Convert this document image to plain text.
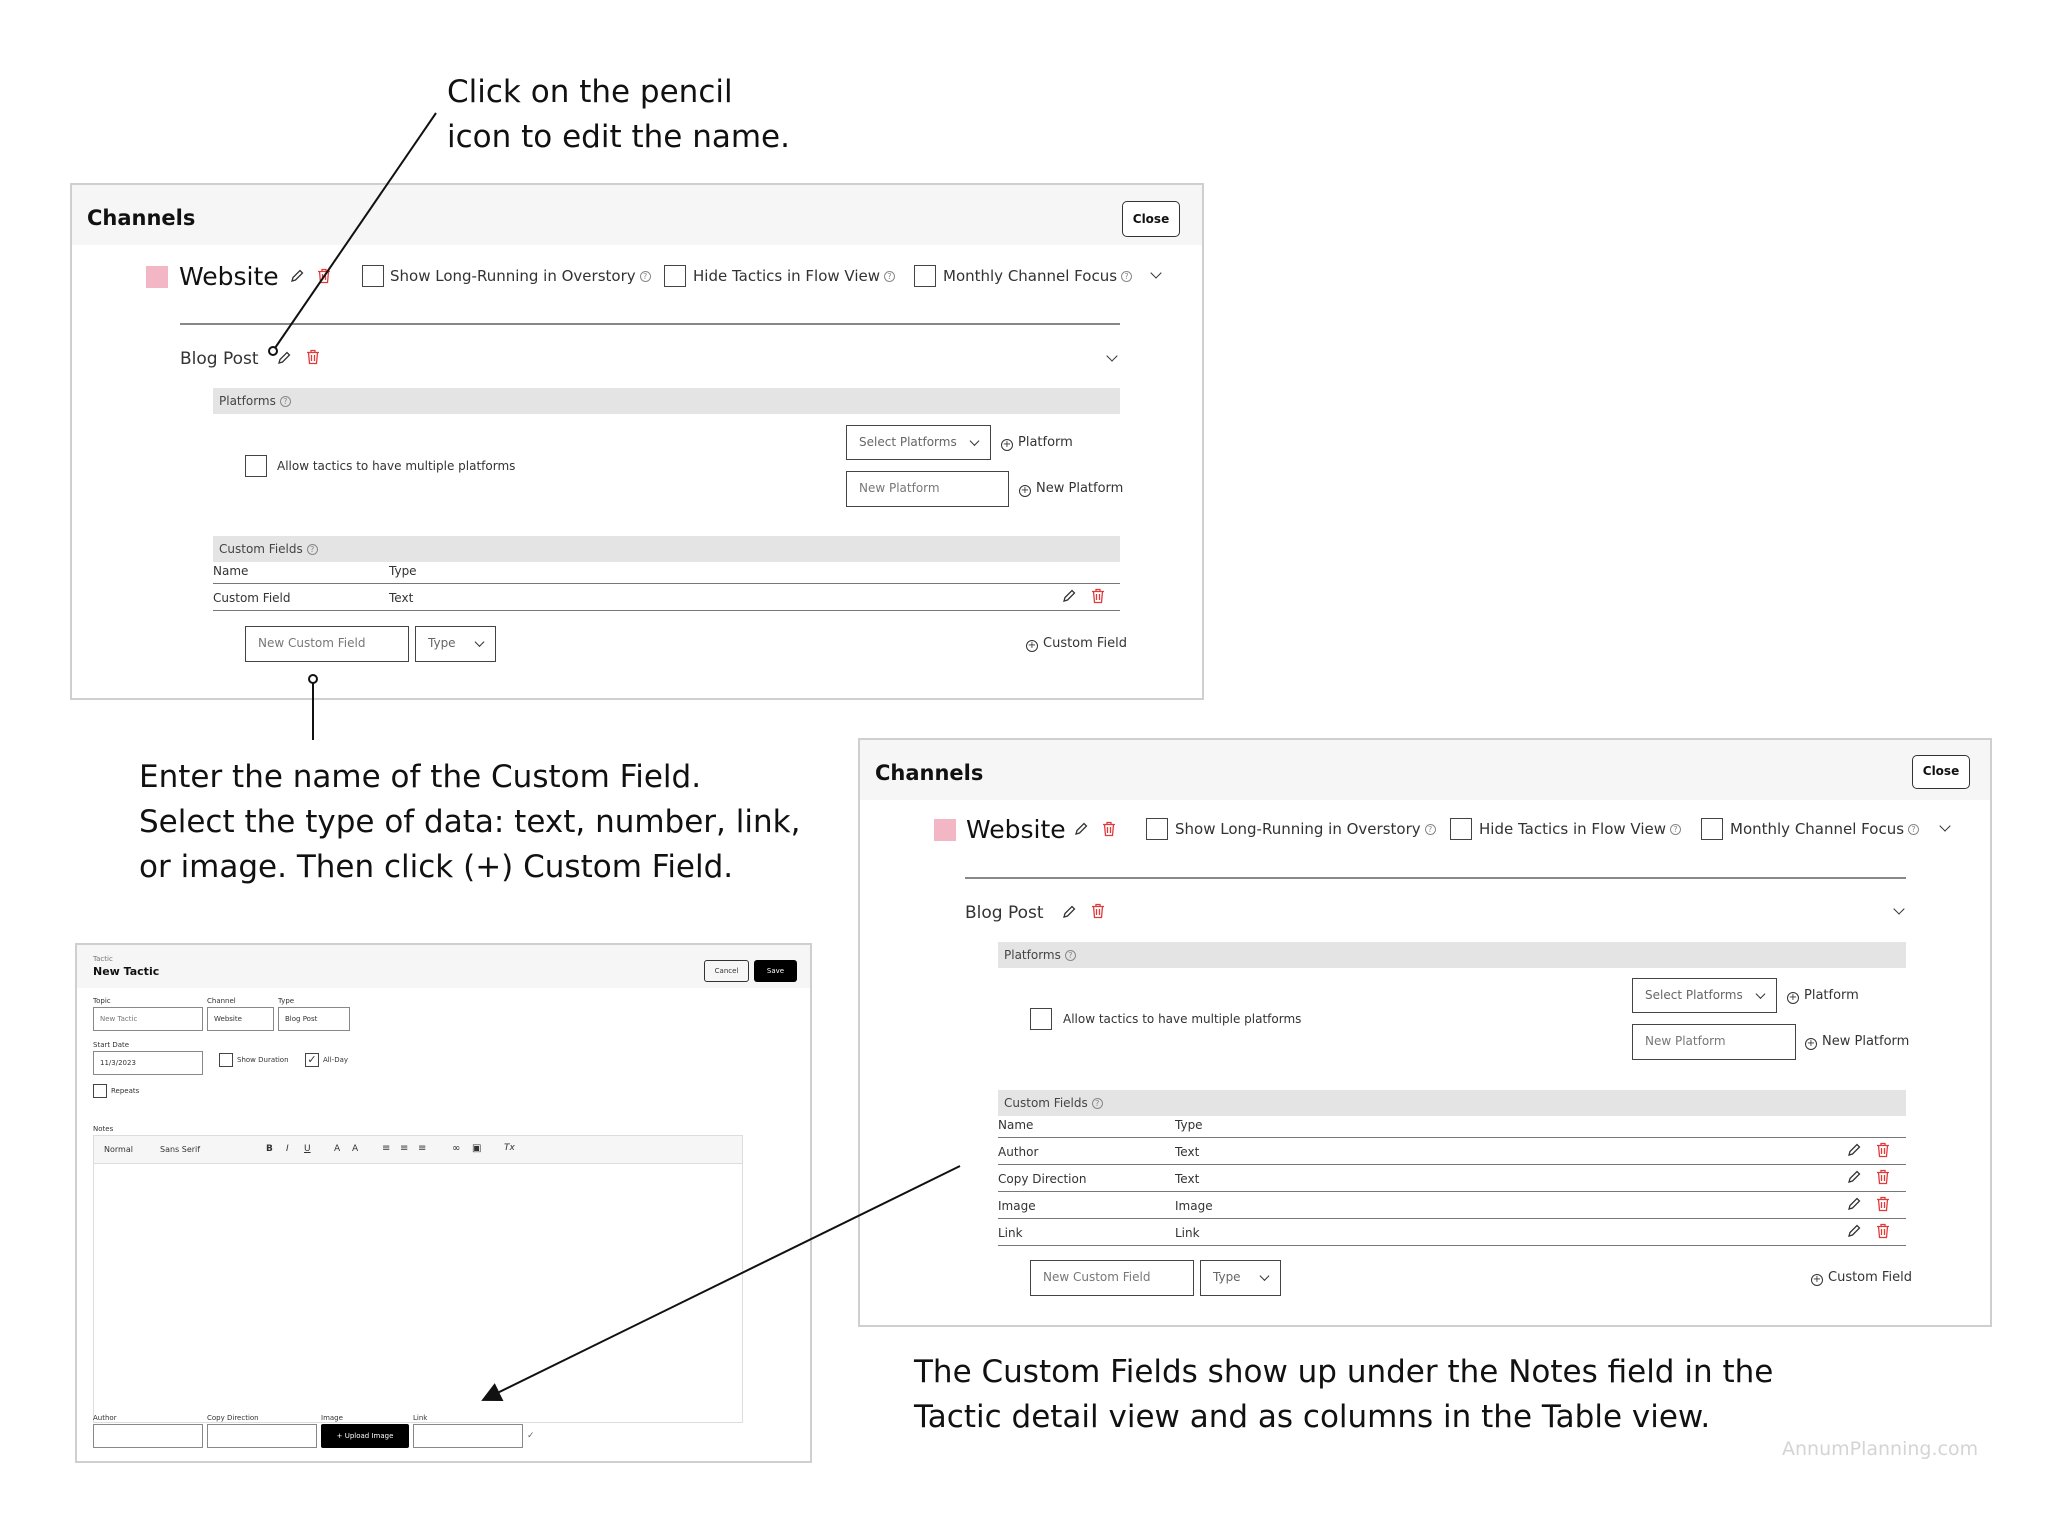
Click on the pencil
icon to edit the name.
Enter the name of the Custom Field.
Select the type of data: text, number, link,
or image. Then click (+) Custom Field.
The Custom Fields show up under the Notes field in the
Tactic detail view and as columns in the Table view.
AnnumPlanning.com
Channels	Close
Website	Show Long-Running in Overstory ?	Hide Tactics in Flow View ?	Monthly Channel Focus ?
Blog Post
Platforms ?
Allow tactics to have multiple platforms
Select Platforms	+ Platform
New Platform	+ New Platform
Custom Fields ?
Name	Type
Custom Field	Text
New Custom Field	Type	+ Custom Field
Channels	Close
Website	Show Long-Running in Overstory ?	Hide Tactics in Flow View ?	Monthly Channel Focus ?
Blog Post
Platforms ?
Allow tactics to have multiple platforms
Select Platforms	+ Platform
New Platform	+ New Platform
Custom Fields ?
Name	Type
Author	Text
Copy Direction	Text
Image	Image
Link	Link
New Custom Field	Type	+ Custom Field
Tactic
New Tactic	Cancel	Save
Topic
New Tactic
Channel
Website
Type
Blog Post
Start Date
11/3/2023	Show Duration ✓ All-Day
Repeats
Notes
Normal	Sans Serif	B I U	A A ≡ ≡ ≡	∞ ▣	Tx
Author	Copy Direction	Image
+ Upload Image
Link
✓
